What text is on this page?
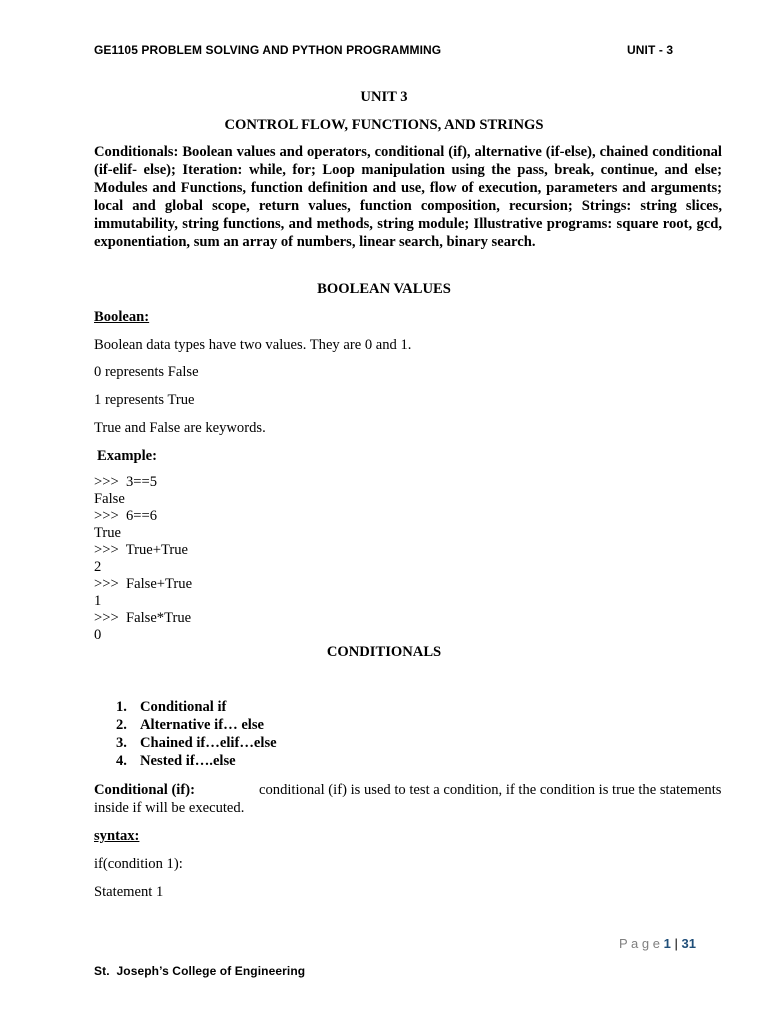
GE1105 PROBLEM SOLVING AND PYTHON PROGRAMMING	UNIT - 3
UNIT 3
CONTROL FLOW, FUNCTIONS, AND STRINGS
Conditionals: Boolean values and operators, conditional (if), alternative (if-else), chained conditional (if-elif- else); Iteration: while, for; Loop manipulation using the pass, break, continue, and else; Modules and Functions, function definition and use, flow of execution, parameters and arguments; local and global scope, return values, function composition, recursion; Strings: string slices, immutability, string functions, and methods, string module; Illustrative programs: square root, gcd, exponentiation, sum an array of numbers, linear search, binary search.
BOOLEAN VALUES
Boolean:
Boolean data types have two values. They are 0 and 1.
0 represents False
1 represents True
True and False are keywords.
Example:
>>>  3==5
False
>>>  6==6
True
>>>  True+True
2
>>>  False+True
1
>>>  False*True
0
CONDITIONALS
1. Conditional if
2. Alternative if… else
3. Chained if…elif…else
4. Nested if….else
Conditional (if):	conditional (if) is used to test a condition, if the condition is true the statements
inside if will be executed.
syntax:
if(condition 1):
Statement 1
P a g e 1 | 31
St.  Joseph’s College of Engineering
